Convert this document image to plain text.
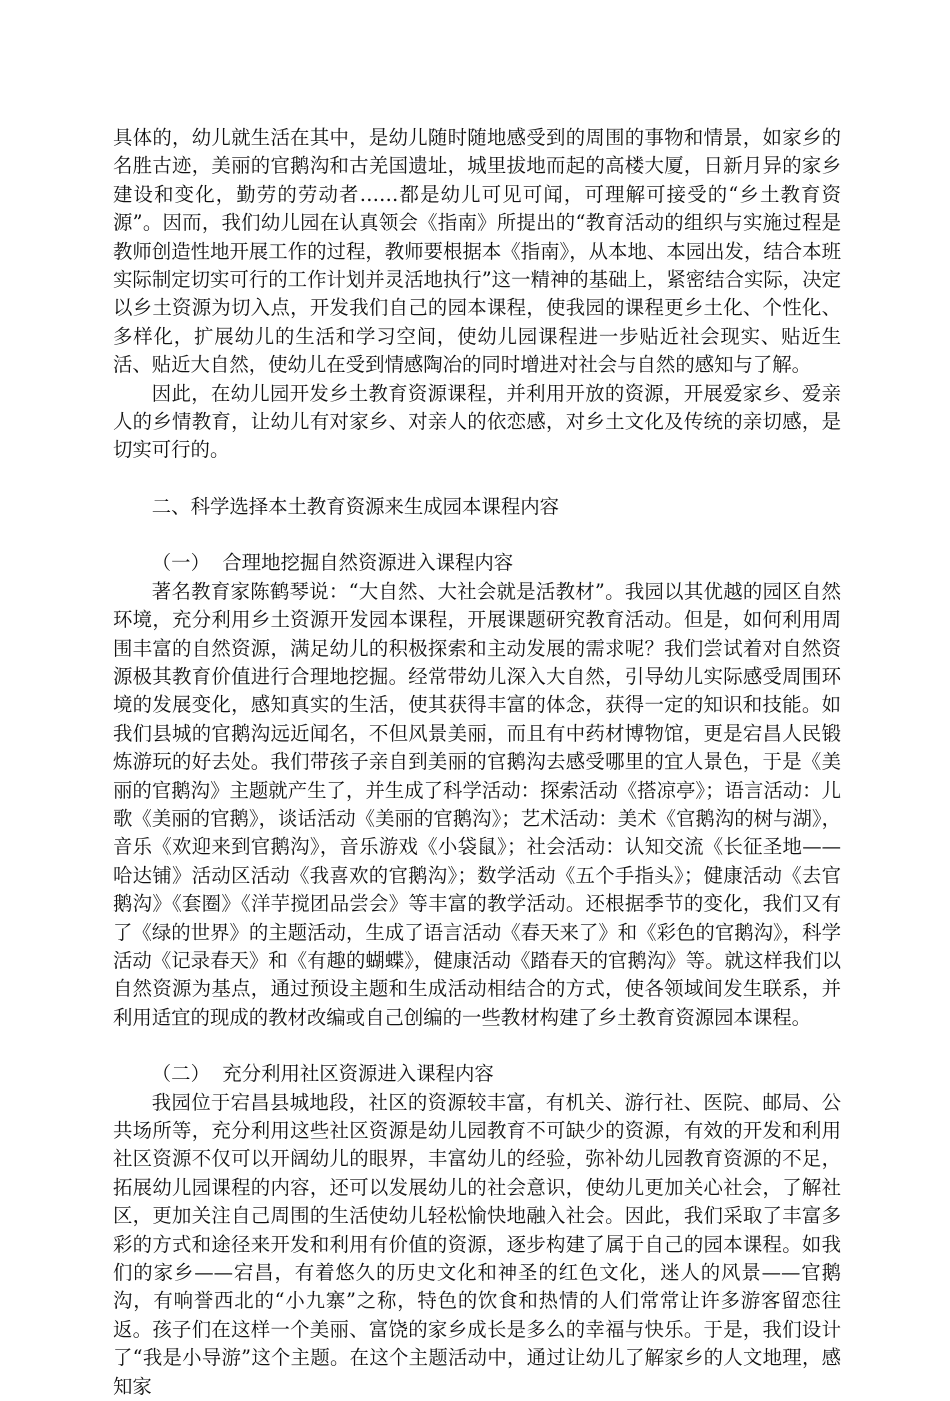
具体的，幼儿就生活在其中，是幼儿随时随地感受到的周围的事物和情景，如家乡的名胜古迹，美丽的官鹅沟和古羌国遗址，城里拔地而起的高楼大厦，日新月异的家乡建设和变化，勤劳的劳动者……都是幼儿可见可闻，可理解可接受的“乡土教育资源”。因而，我们幼儿园在认真领会《指南》所提出的“教育活动的组织与实施过程是教师创造性地开展工作的过程，教师要根据本《指南》，从本地、本园出发，结合本班实际制定切实可行的工作计划并灵活地执行”这一精神的基础上，紧密结合实际，决定以乡土资源为切入点，开发我们自己的园本课程，使我园的课程更乡土化、个性化、多样化，扩展幼儿的生活和学习空间，使幼儿园课程进一步贴近社会现实、贴近生活、贴近大自然，使幼儿在受到情感陶冶的同时增进对社会与自然的感知与了解。

因此，在幼儿园开发乡土教育资源课程，并利用开放的资源，开展爱家乡、爱亲人的乡情教育，让幼儿有对家乡、对亲人的依恋感，对乡土文化及传统的亲切感，是切实可行的。

二、科学选择本土教育资源来生成园本课程内容
（一）  合理地挖掘自然资源进入课程内容

著名教育家陈鹤琴说：“大自然、大社会就是活教材”。我园以其优越的园区自然环境，充分利用乡土资源开发园本课程，开展课题研究教育活动。但是，如何利用周围丰富的自然资源，满足幼儿的积极探索和主动发展的需求呢？我们尝试着对自然资源极其教育价值进行合理地挖掘。经常带幼儿深入大自然，引导幼儿实际感受周围环境的发展变化，感知真实的生活，使其获得丰富的体念，获得一定的知识和技能。如我们县城的官鹅沟远近闻名，不但风景美丽，而且有中药材博物馆，更是宕昌人民锻炼游玩的好去处。我们带孩子亲自到美丽的官鹅沟去感受哪里的宜人景色，于是《美丽的官鹅沟》主题就产生了，并生成了科学活动：探索活动《搭凉亭》；语言活动：儿歌《美丽的官鹅》，谈话活动《美丽的官鹅沟》；艺术活动：美术《官鹅沟的树与湖》，音乐《欢迎来到官鹅沟》，音乐游戏《小袋鼠》；社会活动：认知交流《长征圣地——哈达铺》活动区活动《我喜欢的官鹅沟》；数学活动《五个手指头》；健康活动《去官鹅沟》《套圈》《洋芋搅团品尝会》等丰富的教学活动。还根据季节的变化，我们又有了《绿的世界》的主题活动，生成了语言活动《春天来了》和《彩色的官鹅沟》，科学活动《记录春天》和《有趣的蝴蝶》，健康活动《踏春天的官鹅沟》等。就这样我们以自然资源为基点，通过预设主题和生成活动相结合的方式，使各领域间发生联系，并利用适宜的现成的教材改编或自己创编的一些教材构建了乡土教育资源园本课程。

（二）  充分利用社区资源进入课程内容

我园位于宕昌县城地段，社区的资源较丰富，有机关、游行社、医院、邮局、公共场所等，充分利用这些社区资源是幼儿园教育不可缺少的资源，有效的开发和利用社区资源不仅可以开阔幼儿的眼界，丰富幼儿的经验，弥补幼儿园教育资源的不足，拓展幼儿园课程的内容，还可以发展幼儿的社会意识，使幼儿更加关心社会，了解社区，更加关注自己周围的生活使幼儿轻松愉快地融入社会。因此，我们采取了丰富多彩的方式和途径来开发和利用有价值的资源，逐步构建了属于自己的园本课程。如我们的家乡——宕昌，有着悠久的历史文化和神圣的红色文化，迷人的风景——官鹅沟，有响誉西北的“小九寨”之称，特色的饮食和热情的人们常常让许多游客留恋往返。孩子们在这样一个美丽、富饶的家乡成长是多么的幸福与快乐。于是，我们设计了“我是小导游”这个主题。在这个主题活动中，通过让幼儿了解家乡的人文地理，感知家
